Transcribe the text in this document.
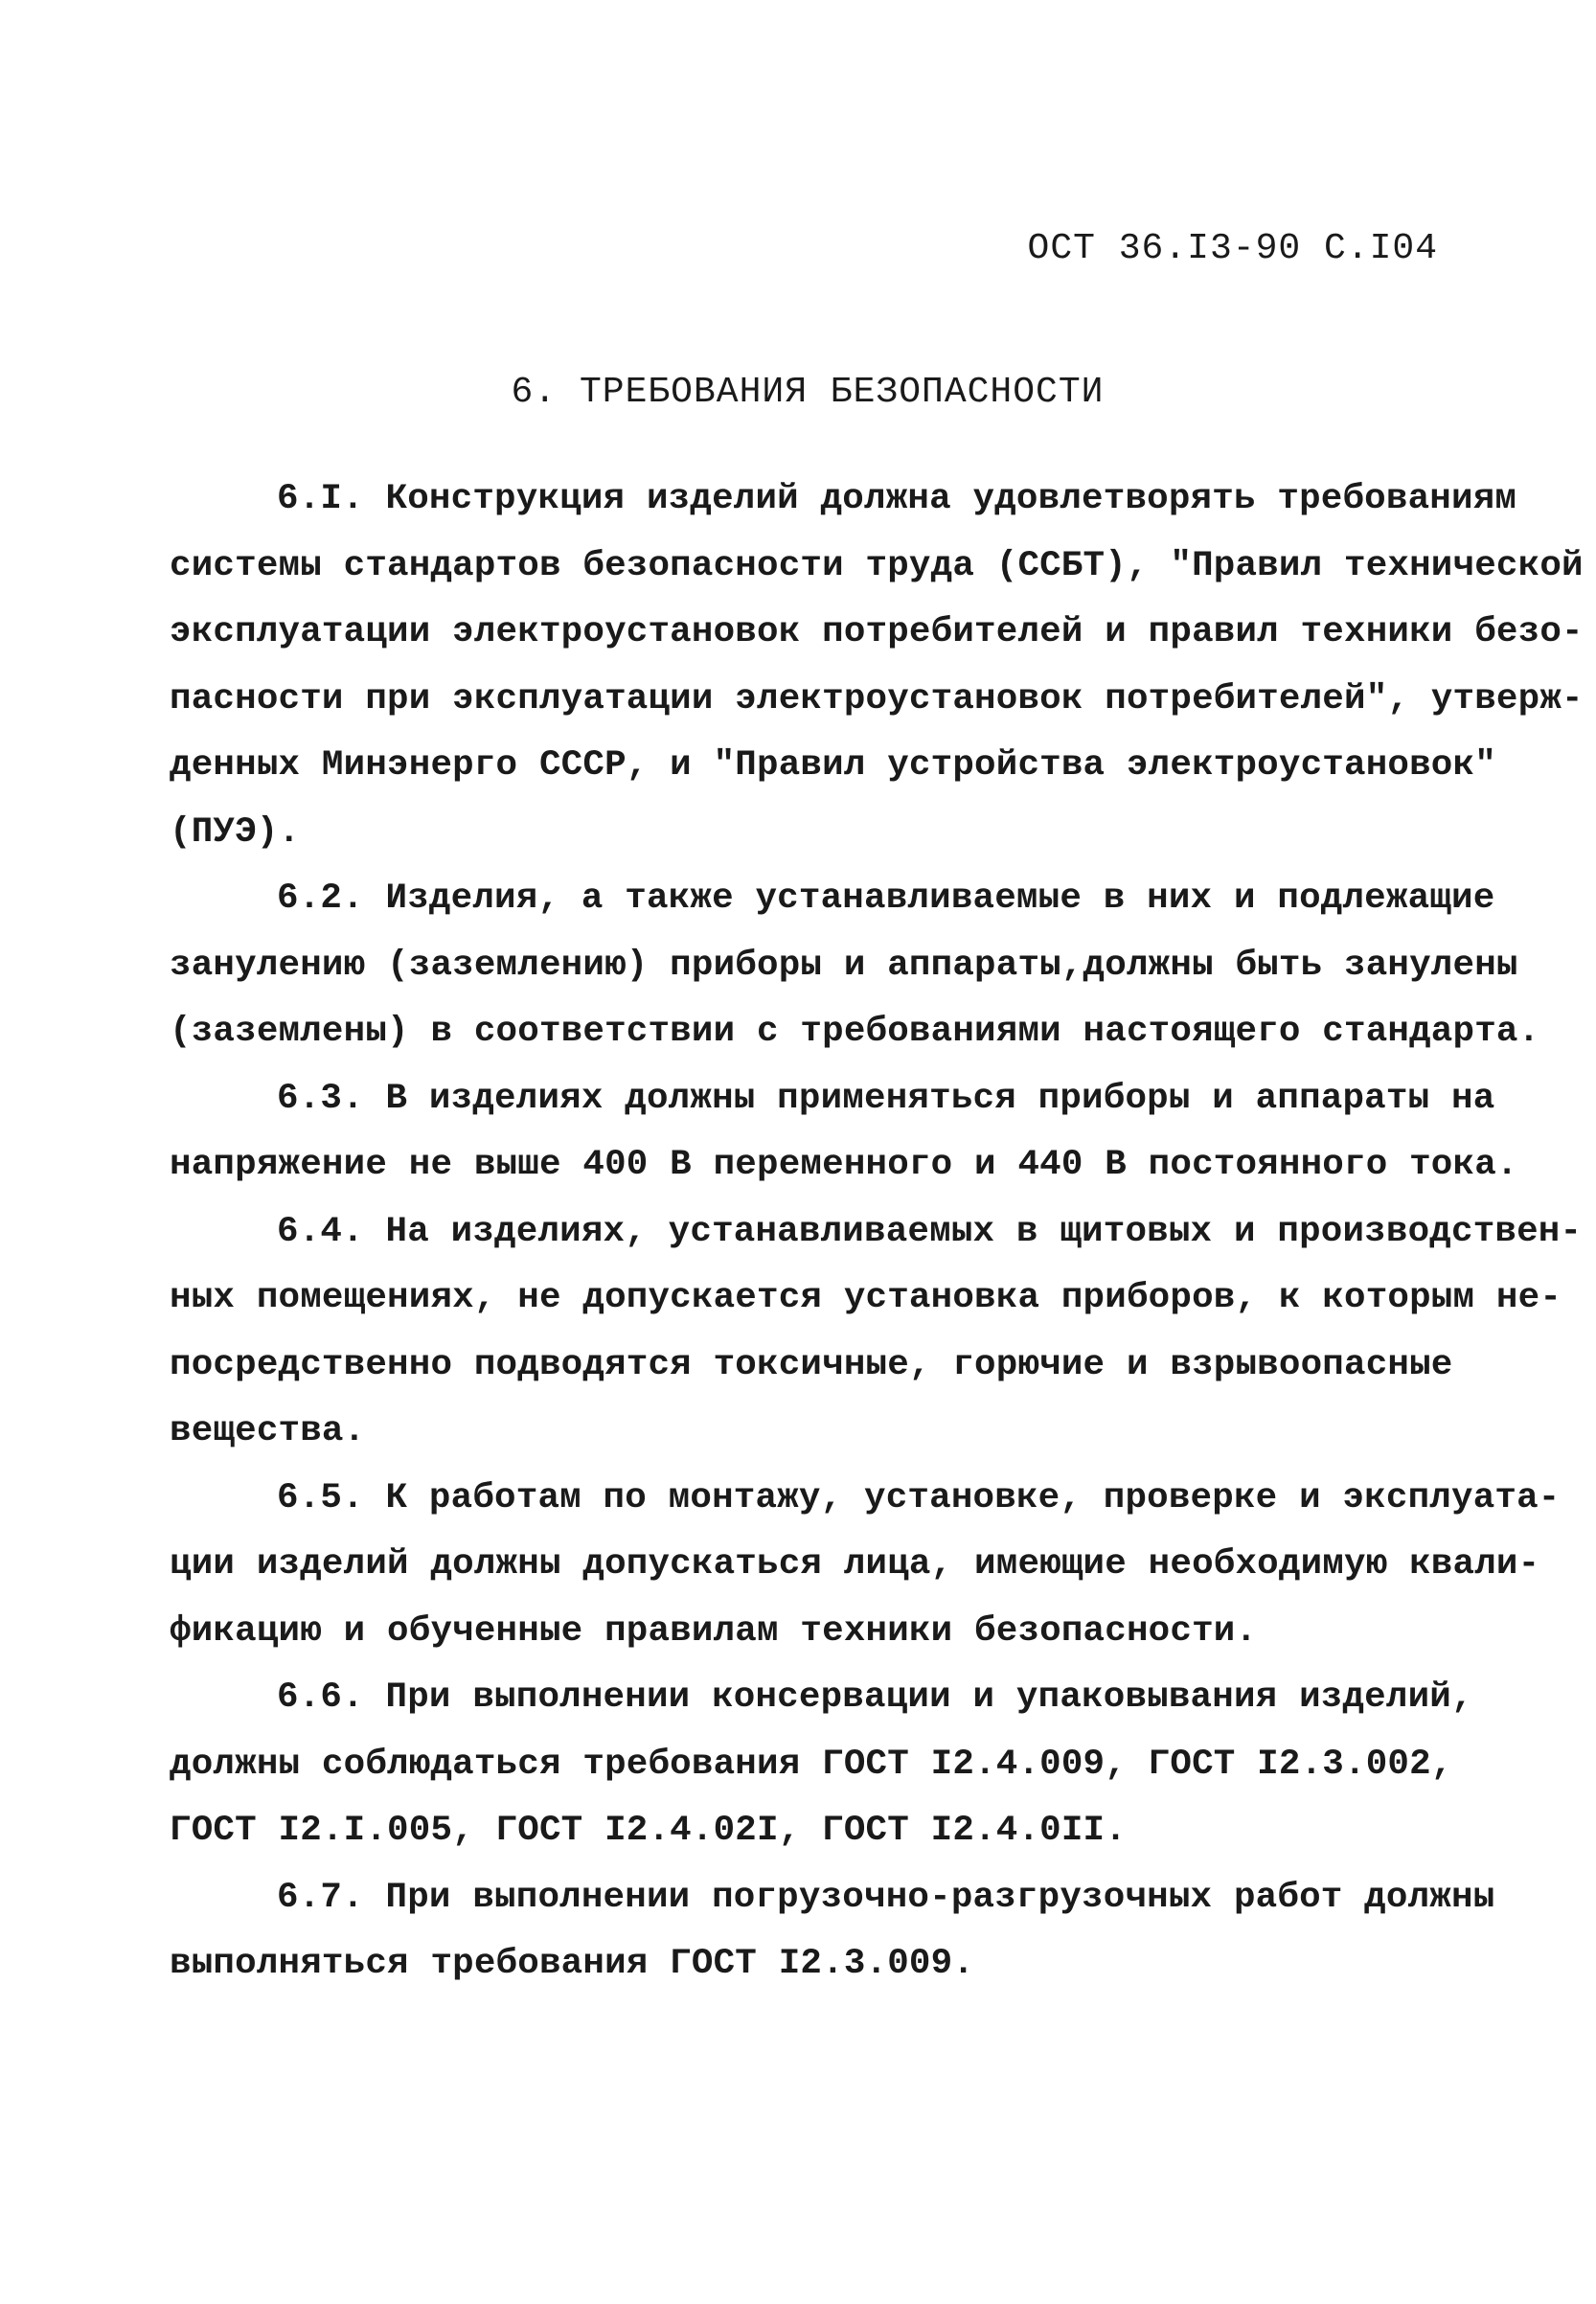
ОСТ 36.I3-90 С.I04
6. ТРЕБОВАНИЯ БЕЗОПАСНОСТИ
6.I. Конструкция изделий должна удовлетворять требованиям
системы стандартов безопасности труда (ССБТ), "Правил технической
эксплуатации электроустановок потребителей и правил техники безо-
пасности при эксплуатации электроустановок потребителей", утверж-
денных Минэнерго СССР, и "Правил устройства электроустановок"
(ПУЭ).
6.2. Изделия, а также устанавливаемые в них и подлежащие
занулению (заземлению) приборы и аппараты,должны быть занулены
(заземлены) в соответствии с требованиями настоящего стандарта.
6.3. В изделиях должны применяться приборы и аппараты на
напряжение не выше 400 В переменного и 440 В постоянного тока.
6.4. На изделиях, устанавливаемых в щитовых и производствен-
ных помещениях, не допускается установка приборов, к которым не-
посредственно подводятся токсичные, горючие и взрывоопасные
вещества.
6.5. К работам по монтажу, установке, проверке и эксплуата-
ции изделий должны допускаться лица, имеющие необходимую квали-
фикацию и обученные правилам техники безопасности.
6.6. При выполнении консервации и упаковывания изделий,
должны соблюдаться требования ГОСТ I2.4.009, ГОСТ I2.3.002,
ГОСТ I2.I.005, ГОСТ I2.4.02I, ГОСТ I2.4.0II.
6.7. При выполнении погрузочно-разгрузочных работ должны
выполняться требования ГОСТ I2.3.009.
